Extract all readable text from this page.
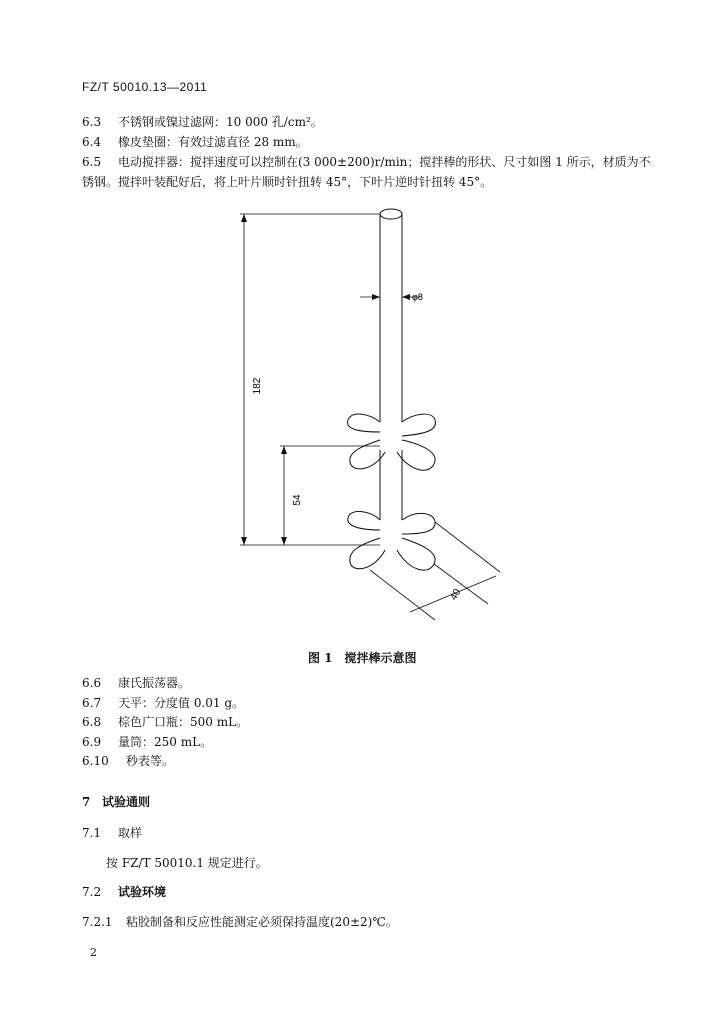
FZ/T 50010.13—2011
6.3 不锈钢或镍过滤网：10 000 孔/cm²。
6.4 橡皮垫圈：有效过滤直径 28 mm。
6.5 电动搅拌器：搅拌速度可以控制在(3 000±200)r/min；搅拌棒的形状、尺寸如图 1 所示，材质为不
锈钢。搅拌叶装配好后，将上叶片顺时针扭转 45°，下叶片逆时针扭转 45°。
182
54
40
φ8
图 1　搅拌棒示意图
6.6 康氏振荡器。
6.7 天平：分度值 0.01 g。
6.8 棕色广口瓶：500 mL。
6.9 量筒：250 mL。
6.10 秒表等。
7 试验通则
7.1 取样
按 FZ/T 50010.1 规定进行。
7.2 试验环境
7.2.1 粘胶制备和反应性能测定必须保持温度(20±2)℃。
2
